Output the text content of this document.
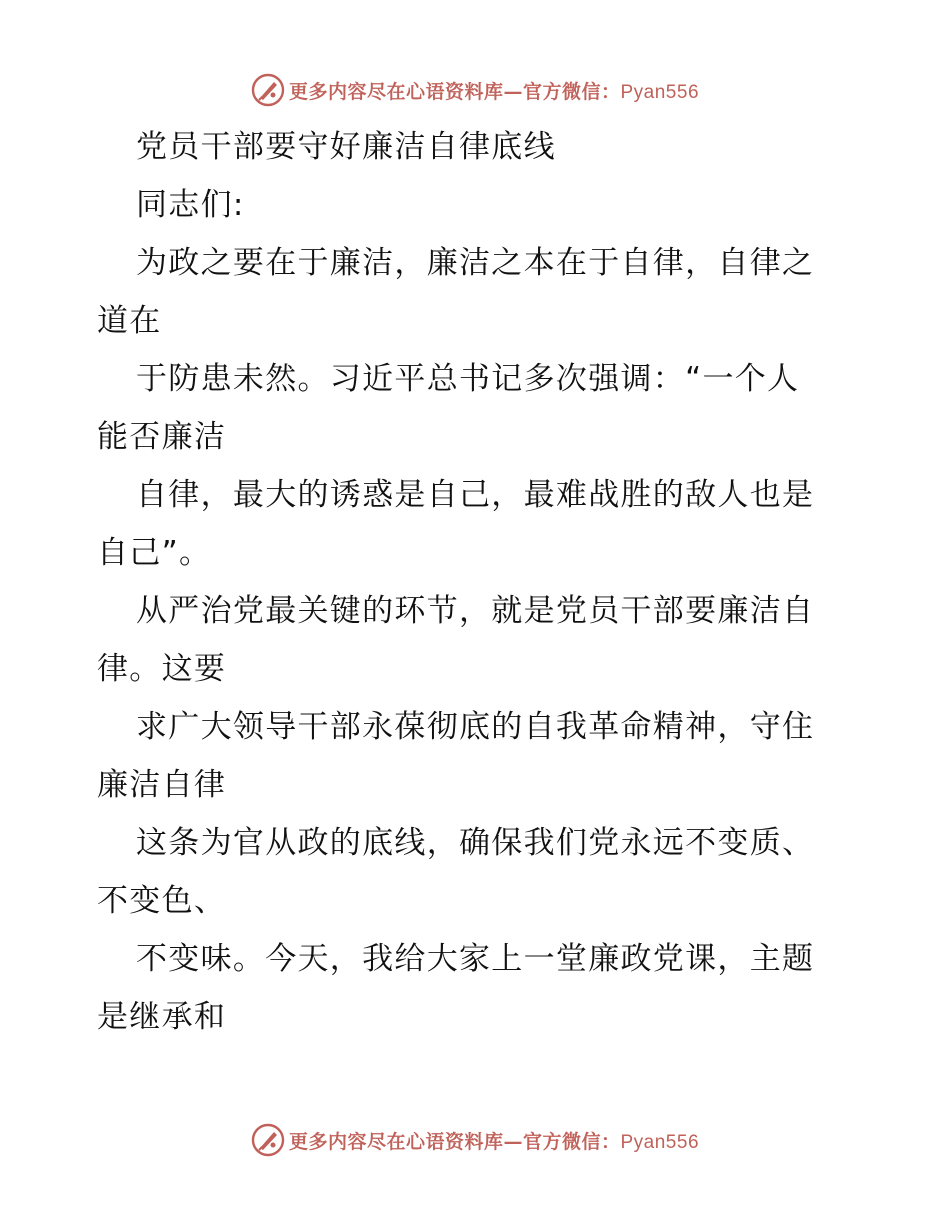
更多内容尽在心语资料库—官方微信：Pyan556
党员干部要守好廉洁自律底线
同志们:
为政之要在于廉洁，廉洁之本在于自律，自律之
道在
于防患未然。习近平总书记多次强调：“一个人
能否廉洁
自律，最大的诱惑是自己，最难战胜的敌人也是
自己”。
从严治党最关键的环节，就是党员干部要廉洁自
律。这要
求广大领导干部永葆彻底的自我革命精神，守住
廉洁自律
这条为官从政的底线，确保我们党永远不变质、
不变色、
不变味。今天，我给大家上一堂廉政党课，主题
是继承和
更多内容尽在心语资料库—官方微信：Pyan556
